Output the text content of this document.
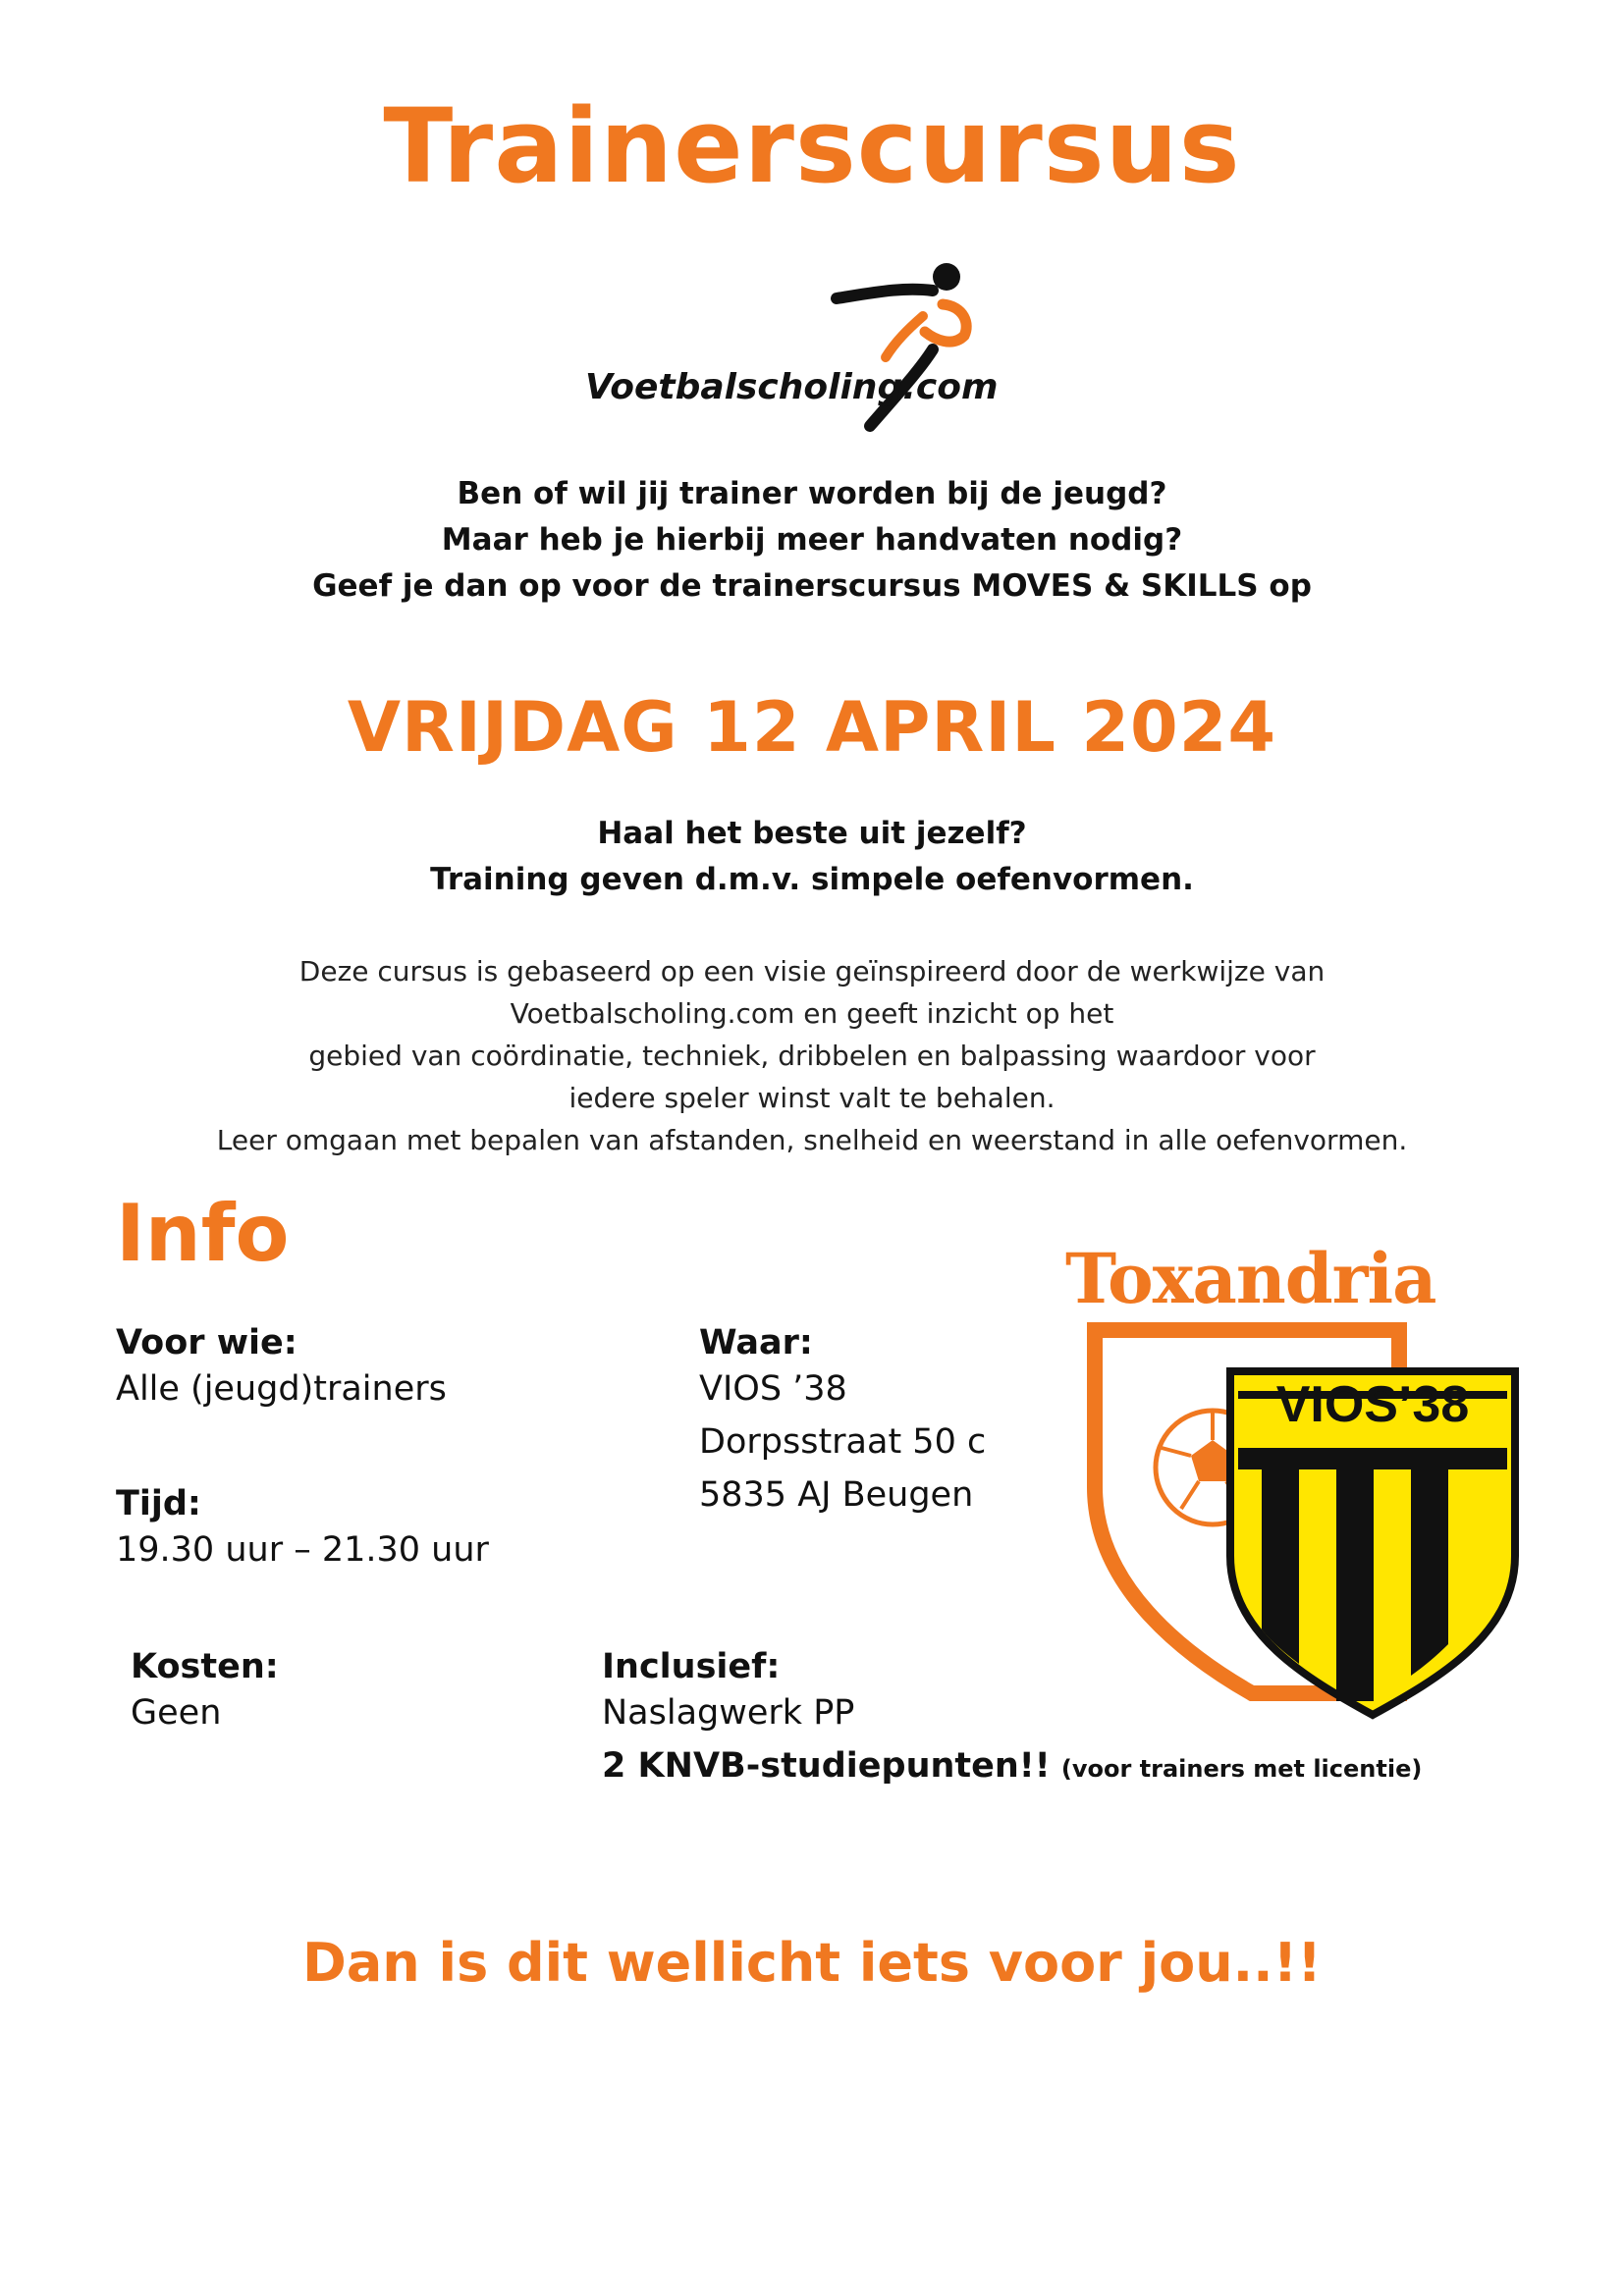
Trainerscursus
Voetbalscholing.com
Ben of wil jij trainer worden bij de jeugd?
Maar heb je hierbij meer handvaten nodig?
Geef je dan op voor de trainerscursus MOVES & SKILLS op
VRIJDAG 12 APRIL 2024
Haal het beste uit jezelf?
Training geven d.m.v. simpele oefenvormen.
Deze cursus is gebaseerd op een visie geïnspireerd door de werkwijze van
Voetbalscholing.com en geeft inzicht op het
gebied van coördinatie, techniek, dribbelen en balpassing waardoor voor
iedere speler winst valt te behalen.
Leer omgaan met bepalen van afstanden, snelheid en weerstand in alle oefenvormen.
Info
Voor wie:
Alle (jeugd)trainers
Tijd:
19.30 uur – 21.30 uur
Waar:
VIOS ’38
Dorpsstraat 50 c
5835 AJ Beugen
Kosten:
Geen
Inclusief:
Naslagwerk PP
2 KNVB-studiepunten!! (voor trainers met licentie)
Toxandria
VIOS’38
Dan is dit wellicht iets voor jou..!!
